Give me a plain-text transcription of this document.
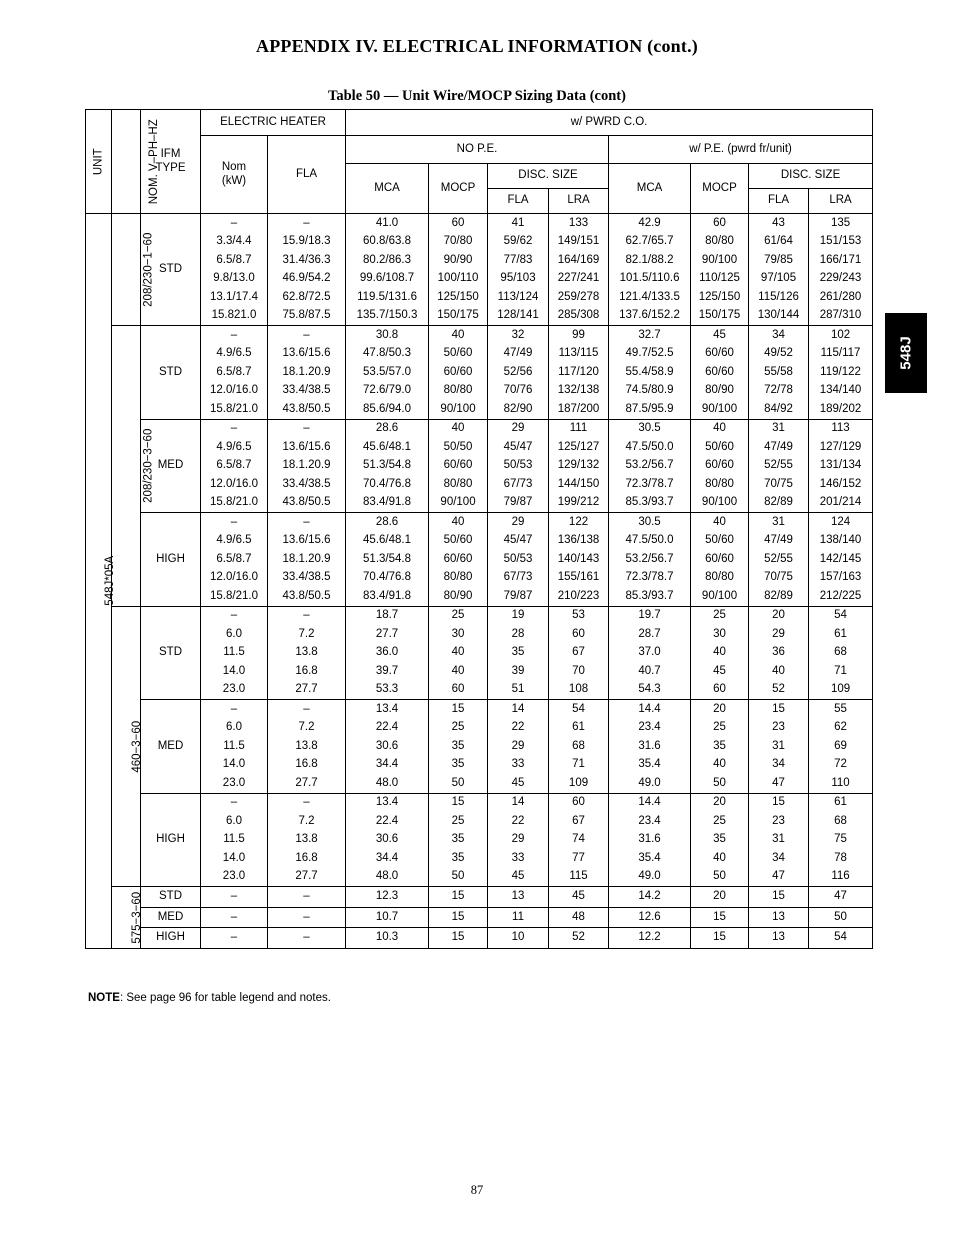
APPENDIX IV. ELECTRICAL INFORMATION (cont.)
Table 50 — Unit Wire/MOCP Sizing Data (cont)
548J
UNIT	NOM. V–PH–HZ	IFM
TYPE	ELECTRIC HEATER		w/ PWRD C.O.							

			Nom
(kW)	FLA	NO P.E.				w/ P.E. (pwrd fr/unit)			
					MCA	MOCP	DISC. SIZE		MCA	MOCP	DISC. SIZE	
							FLA	LRA			FLA	LRA
548J*05A	208/230−1−60	STD	–	–	41.0	60	41	133	42.9	60	43	135
			3.3/4.4	15.9/18.3	60.8/63.8	70/80	59/62	149/151	62.7/65.7	80/80	61/64	151/153
			6.5/8.7	31.4/36.3	80.2/86.3	90/90	77/83	164/169	82.1/88.2	90/100	79/85	166/171
			9.8/13.0	46.9/54.2	99.6/108.7	100/110	95/103	227/241	101.5/110.6	110/125	97/105	229/243
			13.1/17.4	62.8/72.5	119.5/131.6	125/150	113/124	259/278	121.4/133.5	125/150	115/126	261/280
			15.821.0	75.8/87.5	135.7/150.3	150/175	128/141	285/308	137.6/152.2	150/175	130/144	287/310
	208/230−3−60	STD	–	–	30.8	40	32	99	32.7	45	34	102
			4.9/6.5	13.6/15.6	47.8/50.3	50/60	47/49	113/115	49.7/52.5	60/60	49/52	115/117
			6.5/8.7	18.1.20.9	53.5/57.0	60/60	52/56	117/120	55.4/58.9	60/60	55/58	119/122
			12.0/16.0	33.4/38.5	72.6/79.0	80/80	70/76	132/138	74.5/80.9	80/90	72/78	134/140
			15.8/21.0	43.8/50.5	85.6/94.0	90/100	82/90	187/200	87.5/95.9	90/100	84/92	189/202
		MED	–	–	28.6	40	29	111	30.5	40	31	113
			4.9/6.5	13.6/15.6	45.6/48.1	50/50	45/47	125/127	47.5/50.0	50/60	47/49	127/129
			6.5/8.7	18.1.20.9	51.3/54.8	60/60	50/53	129/132	53.2/56.7	60/60	52/55	131/134
			12.0/16.0	33.4/38.5	70.4/76.8	80/80	67/73	144/150	72.3/78.7	80/80	70/75	146/152
			15.8/21.0	43.8/50.5	83.4/91.8	90/100	79/87	199/212	85.3/93.7	90/100	82/89	201/214
		HIGH	–	–	28.6	40	29	122	30.5	40	31	124
			4.9/6.5	13.6/15.6	45.6/48.1	50/60	45/47	136/138	47.5/50.0	50/60	47/49	138/140
			6.5/8.7	18.1.20.9	51.3/54.8	60/60	50/53	140/143	53.2/56.7	60/60	52/55	142/145
			12.0/16.0	33.4/38.5	70.4/76.8	80/80	67/73	155/161	72.3/78.7	80/80	70/75	157/163
			15.8/21.0	43.8/50.5	83.4/91.8	80/90	79/87	210/223	85.3/93.7	90/100	82/89	212/225
	460−3−60	STD	–	–	18.7	25	19	53	19.7	25	20	54
			6.0	7.2	27.7	30	28	60	28.7	30	29	61
			11.5	13.8	36.0	40	35	67	37.0	40	36	68
			14.0	16.8	39.7	40	39	70	40.7	45	40	71
			23.0	27.7	53.3	60	51	108	54.3	60	52	109
		MED	–	–	13.4	15	14	54	14.4	20	15	55
			6.0	7.2	22.4	25	22	61	23.4	25	23	62
			11.5	13.8	30.6	35	29	68	31.6	35	31	69
			14.0	16.8	34.4	35	33	71	35.4	40	34	72
			23.0	27.7	48.0	50	45	109	49.0	50	47	110
		HIGH	–	–	13.4	15	14	60	14.4	20	15	61
			6.0	7.2	22.4	25	22	67	23.4	25	23	68
			11.5	13.8	30.6	35	29	74	31.6	35	31	75
			14.0	16.8	34.4	35	33	77	35.4	40	34	78
			23.0	27.7	48.0	50	45	115	49.0	50	47	116
	575−3−60	STD	–	–	12.3	15	13	45	14.2	20	15	47
		MED	–	–	10.7	15	11	48	12.6	15	13	50
		HIGH	–	–	10.3	15	10	52	12.2	15	13	54
NOTE: See page 96 for table legend and notes.
87
